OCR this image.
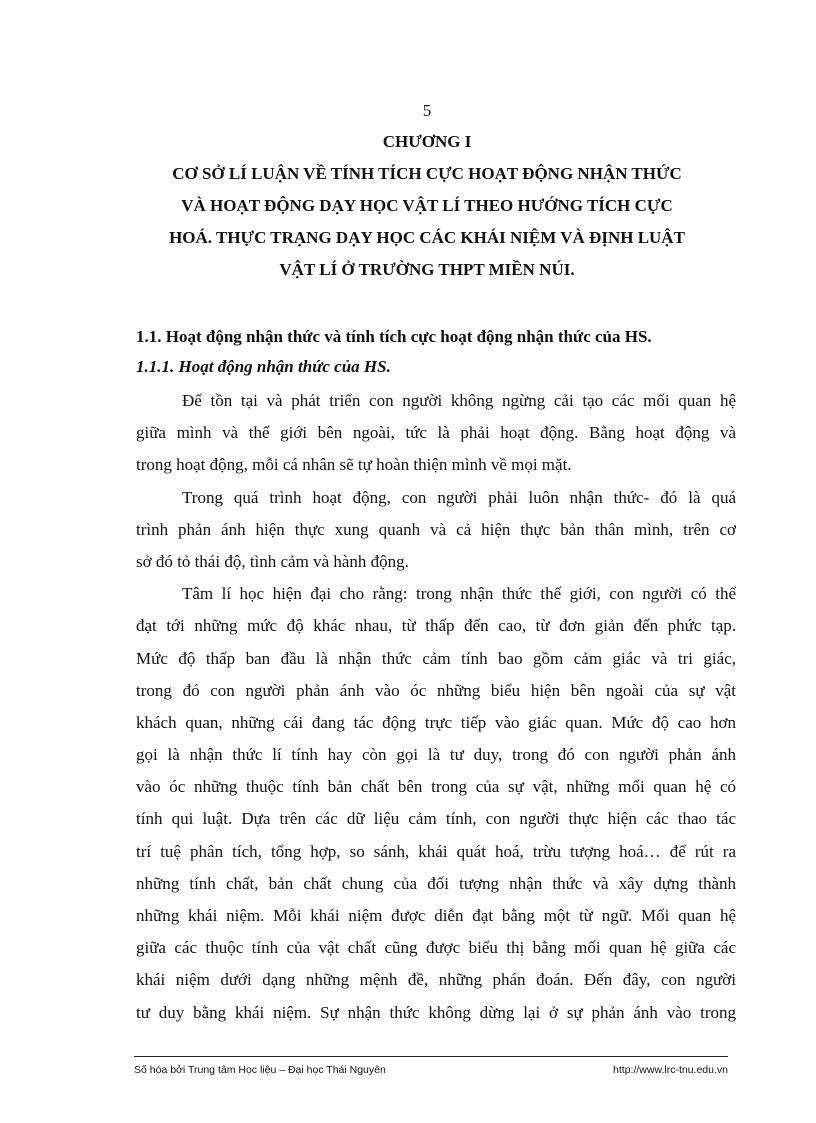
5
CHƯƠNG I
CƠ SỞ LÍ LUẬN VỀ TÍNH TÍCH CỰC HOẠT ĐỘNG NHẬN THỨC
VÀ HOẠT ĐỘNG DẠY HỌC VẬT LÍ THEO HƯỚNG TÍCH CỰC
HOÁ. THỰC TRẠNG DẠY HỌC CÁC KHÁI NIỆM VÀ ĐỊNH LUẬT
VẬT LÍ Ở TRƯỜNG THPT MIỀN NÚI.
1.1. Hoạt động nhận thức và tính tích cực hoạt động nhận thức của HS.
1.1.1. Hoạt động nhận thức của HS.
Để tồn tại và phát triển con người không ngừng cải tạo các mối quan hệ
giữa mình và thế giới bên ngoài, tức là phải hoạt động. Bằng hoạt động và
trong hoạt động, mỗi cá nhân sẽ tự hoàn thiện mình về mọi mặt.
Trong quá trình hoạt động, con người phải luôn nhận thức- đó là quá
trình phản ánh hiện thực xung quanh và cả hiện thực bản thân mình, trên cơ
sở đó tỏ thái độ, tình cảm và hành động.
Tâm lí học hiện đại cho rằng: trong nhận thức thế giới, con người có thể
đạt tới những mức độ khác nhau, từ thấp đến cao, từ đơn giản đến phức tạp.
Mức độ thấp ban đầu là nhận thức cảm tính bao gồm cảm giác và tri giác,
trong đó con người phản ánh vào óc những biểu hiện bên ngoài của sự vật
khách quan, những cái đang tác động trực tiếp vào giác quan. Mức độ cao hơn
gọi là nhận thức lí tính hay còn gọi là tư duy, trong đó con người phản ánh
vào óc những thuộc tính bản chất bên trong của sự vật, những mối quan hệ có
tính qui luật. Dựa trên các dữ liệu cảm tính, con người thực hiện các thao tác
trí tuệ phân tích, tổng hợp, so sánh, khái quát hoá, trừu tượng hoá… để rút ra
những tính chất, bản chất chung của đối tượng nhận thức và xây dựng thành
những khái niệm. Mỗi khái niệm được diễn đạt bằng một từ ngữ. Mối quan hệ
giữa các thuộc tính của vật chất cũng được biểu thị bằng mối quan hệ giữa các
khái niệm dưới dạng những mệnh đề, những phán đoán. Đến đây, con người
tư duy bằng khái niệm. Sự nhận thức không dừng lại ở sự phản ánh vào trong
Số hóa bởi Trung tâm Học liệu – Đại học Thái Nguyên	http://www.lrc-tnu.edu.vn
